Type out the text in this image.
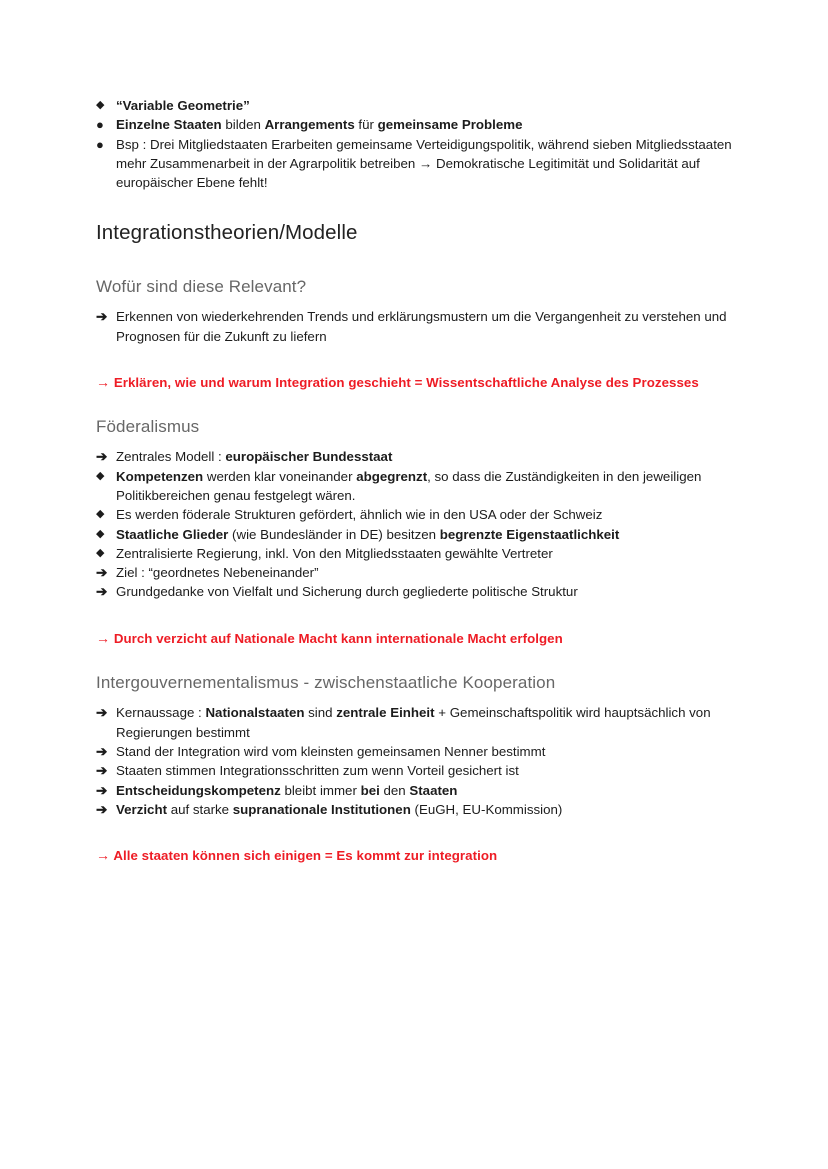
◆ “Variable Geometrie”
● Einzelne Staaten bilden Arrangements für gemeinsame Probleme
● Bsp : Drei Mitgliedstaaten Erarbeiten gemeinsame Verteidigungspolitik, während sieben Mitgliedsstaaten mehr Zusammenarbeit in der Agrarpolitik betreiben → Demokratische Legitimität und Solidarität auf europäischer Ebene fehlt!
Integrationstheorien/Modelle
Wofür sind diese Relevant?
➔ Erkennen von wiederkehrenden Trends und erklärungsmustern um die Vergangenheit zu verstehen und Prognosen für die Zukunft zu liefern

→ Erklären, wie und warum Integration geschieht = Wissentschaftliche Analyse des Prozesses

Föderalismus
➔ Zentrales Modell : europäischer Bundesstaat
◆ Kompetenzen werden klar voneinander abgegrenzt, so dass die Zuständigkeiten in den jeweiligen Politikbereichen genau festgelegt wären.
◆ Es werden föderale Strukturen gefördert, ähnlich wie in den USA oder der Schweiz
◆ Staatliche Glieder (wie Bundesländer in DE) besitzen begrenzte Eigenstaatlichkeit
◆ Zentralisierte Regierung, inkl. Von den Mitgliedsstaaten gewählte Vertreter
➔ Ziel : “geordnetes Nebeneinander”
➔ Grundgedanke von Vielfalt und Sicherung durch gegliederte politische Struktur

→ Durch verzicht auf Nationale Macht kann internationale Macht erfolgen

Intergouvernementalismus - zwischenstaatliche Kooperation
➔ Kernaussage : Nationalstaaten sind zentrale Einheit + Gemeinschaftspolitik wird hauptsächlich von Regierungen bestimmt
➔ Stand der Integration wird vom kleinsten gemeinsamen Nenner bestimmt
➔ Staaten stimmen Integrationsschritten zum wenn Vorteil gesichert ist
➔ Entscheidungskompetenz bleibt immer bei den Staaten
➔ Verzicht auf starke supranationale Institutionen (EuGH, EU-Kommission)

→ Alle staaten können sich einigen = Es kommt zur integration
